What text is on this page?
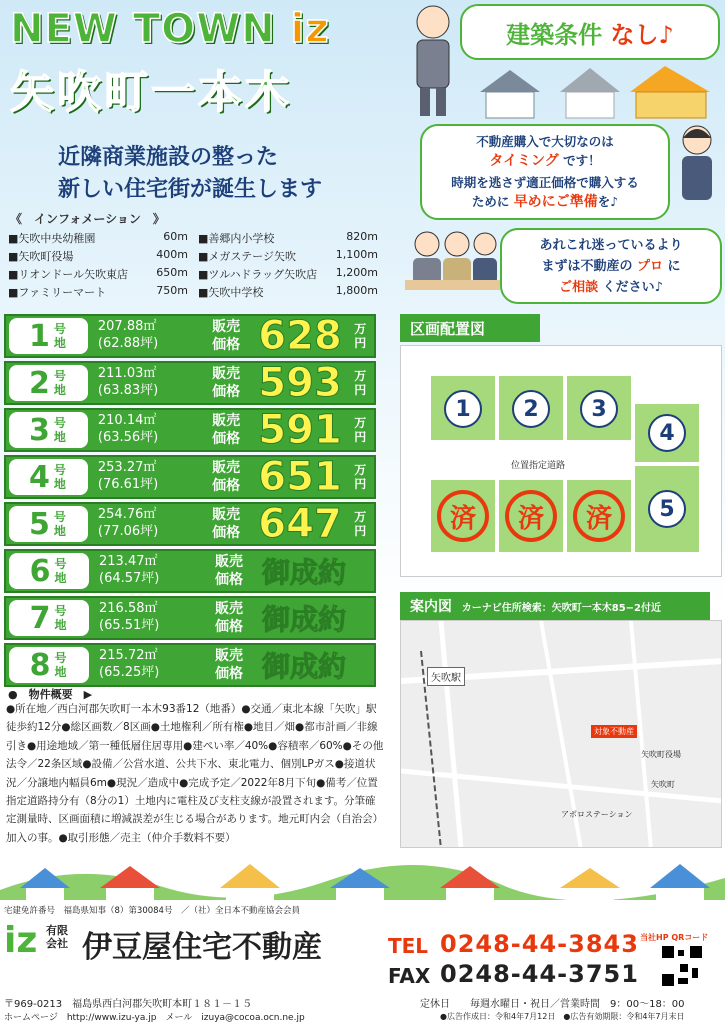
NEW TOWN iz
矢吹町一本木
近隣商業施設の整った
新しい住宅街が誕生します
建築条件
なし♪
不動産購入で大切なのは
タイミング です！
時期を逃さず適正価格で購入する
ために 早めにご準備を♪
あれこれ迷っているより
まずは不動産の プロ に
ご相談 ください♪
《　インフォメーション　》
■矢吹中央幼稚園	60m ■善郷内小学校	820m
■矢吹町役場	400m ■メガステージ矢吹	1,100m
■リオンドール矢吹東店	650m ■ツルハドラッグ矢吹店 1,200m
■ファミリーマート	750m ■矢吹中学校	1,800m
1 号
地
207.88㎡
(62.88坪)
販売
価格 628	万
円
2 号
地
211.03㎡
(63.83坪)
販売
価格 593	万
円
3 号
地
210.14㎡
(63.56坪)
販売
価格 591	万
円
4 号
地
253.27㎡
(76.61坪)
販売
価格 651	万
円
5 号
地
254.76㎡
(77.06坪)
販売
価格 647	万
円
6 号
地
213.47㎡
(64.57坪)
販売
価格 御成約
7 号
地
216.58㎡
(65.51坪)
販売
価格 御成約
8 号
地
215.72㎡
(65.25坪)
販売
価格 御成約
●　物件概要　▶
●所在地／西白河郡矢吹町一本木93番12（地番）●交通／東北本線「矢吹」駅徒歩約12分●総区画数／8区画●土地権利／所有権●地目／畑●都市計画／非線引き●用途地域／第一種低層住居専用●建ぺい率／40%●容積率／60%●その他法令／22条区域●設備／公営水道、公共下水、東北電力、個別LPガス●接道状況／分譲地内幅員6m●現況／造成中●完成予定／2022年8月下旬●備考／位置指定道路持分有（8分の1）土地内に電柱及び支柱支線が設置されます。分筆確定測量時、区画面積に増減誤差が生じる場合があります。地元町内会（自治会）加入の事。●取引形態／売主（仲介手数料不要）
区画配置図
位置指定道路
1	2	3
4
5
済	済	済
案内図
カーナビ住所検索：矢吹町一本木85−2付近
矢吹駅
対象不動産
矢吹町役場
アポロステーション
矢吹町
宅建免許番号　福島県知事（8）第30084号　／（社）全日本不動産協会会員
iz 有限会社 伊豆屋住宅不動産	TEL 0248-44-3843
FAX 0248-44-3751
当社HP QRコード
〒969-0213　福島県西白河郡矢吹町本町１８１－１５	定休日　　毎週水曜日・祝日／営業時間　9：00～18：00
ホームページ　http://www.izu-ya.jp　メール　izuya@cocoa.ocn.ne.jp	●広告作成日：令和4年7月12日　●広告有効期限：令和4年7月末日
